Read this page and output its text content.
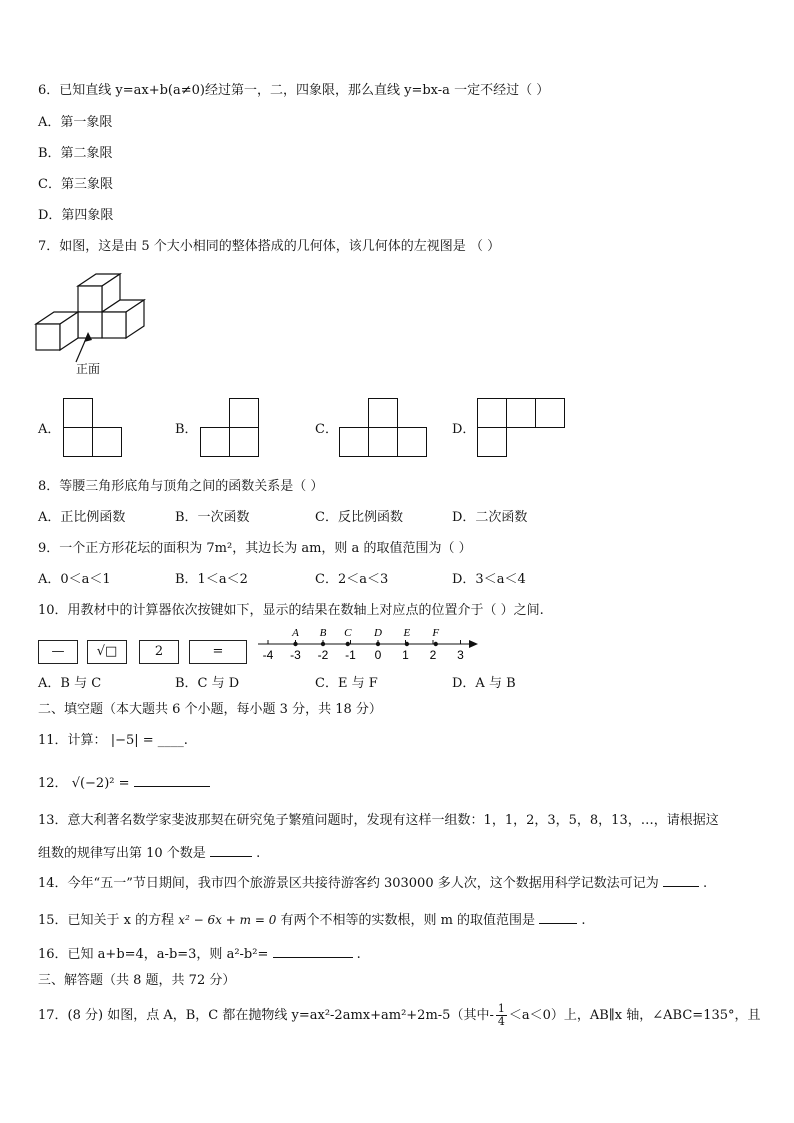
6．已知直线 y=ax+b(a≠0)经过第一，二，四象限，那么直线 y=bx-a 一定不经过（ ）
A．第一象限
B．第二象限
C．第三象限
D．第四象限
7．如图，这是由 5 个大小相同的整体搭成的几何体，该几何体的左视图是 （ ）
正面
A．	B．	C．	D．
8．等腰三角形底角与顶角之间的函数关系是（ ）
A．正比例函数	B．一次函数	C．反比例函数	D．二次函数
9．一个正方形花坛的面积为 7m²，其边长为 am，则 a 的取值范围为（ ）
A．0＜a＜1	B．1＜a＜2	C．2＜a＜3	D．3＜a＜4
10．用教材中的计算器依次按键如下，显示的结果在数轴上对应点的位置介于（ ）之间.
—	√□	2	=	-4 -3 -2 -1 0 1 2 3
A B C D E F
A．B 与 C	B．C 与 D	C．E 与 F	D．A 与 B
二、填空题（本大题共 6 个小题，每小题 3 分，共 18 分）
11．计算： |−5| = ____.
12． √(−2)² =
13．意大利著名数学家斐波那契在研究兔子繁殖问题时，发现有这样一组数：1，1，2，3，5，8，13，…，请根据这
组数的规律写出第 10 个数是	.
14．今年“五一”节日期间，我市四个旅游景区共接待游客约 303000 多人次，这个数据用科学记数法可记为	.
15．已知关于 x 的方程 x² − 6x + m = 0 有两个不相等的实数根，则 m 的取值范围是	.
16．已知 a+b=4，a-b=3，则 a²-b²=	.
三、解答题（共 8 题，共 72 分）
17．(8 分) 如图，点 A，B，C 都在抛物线 y=ax²-2amx+am²+2m-5（其中- $\frac{1}{4} <a<0$）上，AB∥x 轴，∠ABC=135°，且
